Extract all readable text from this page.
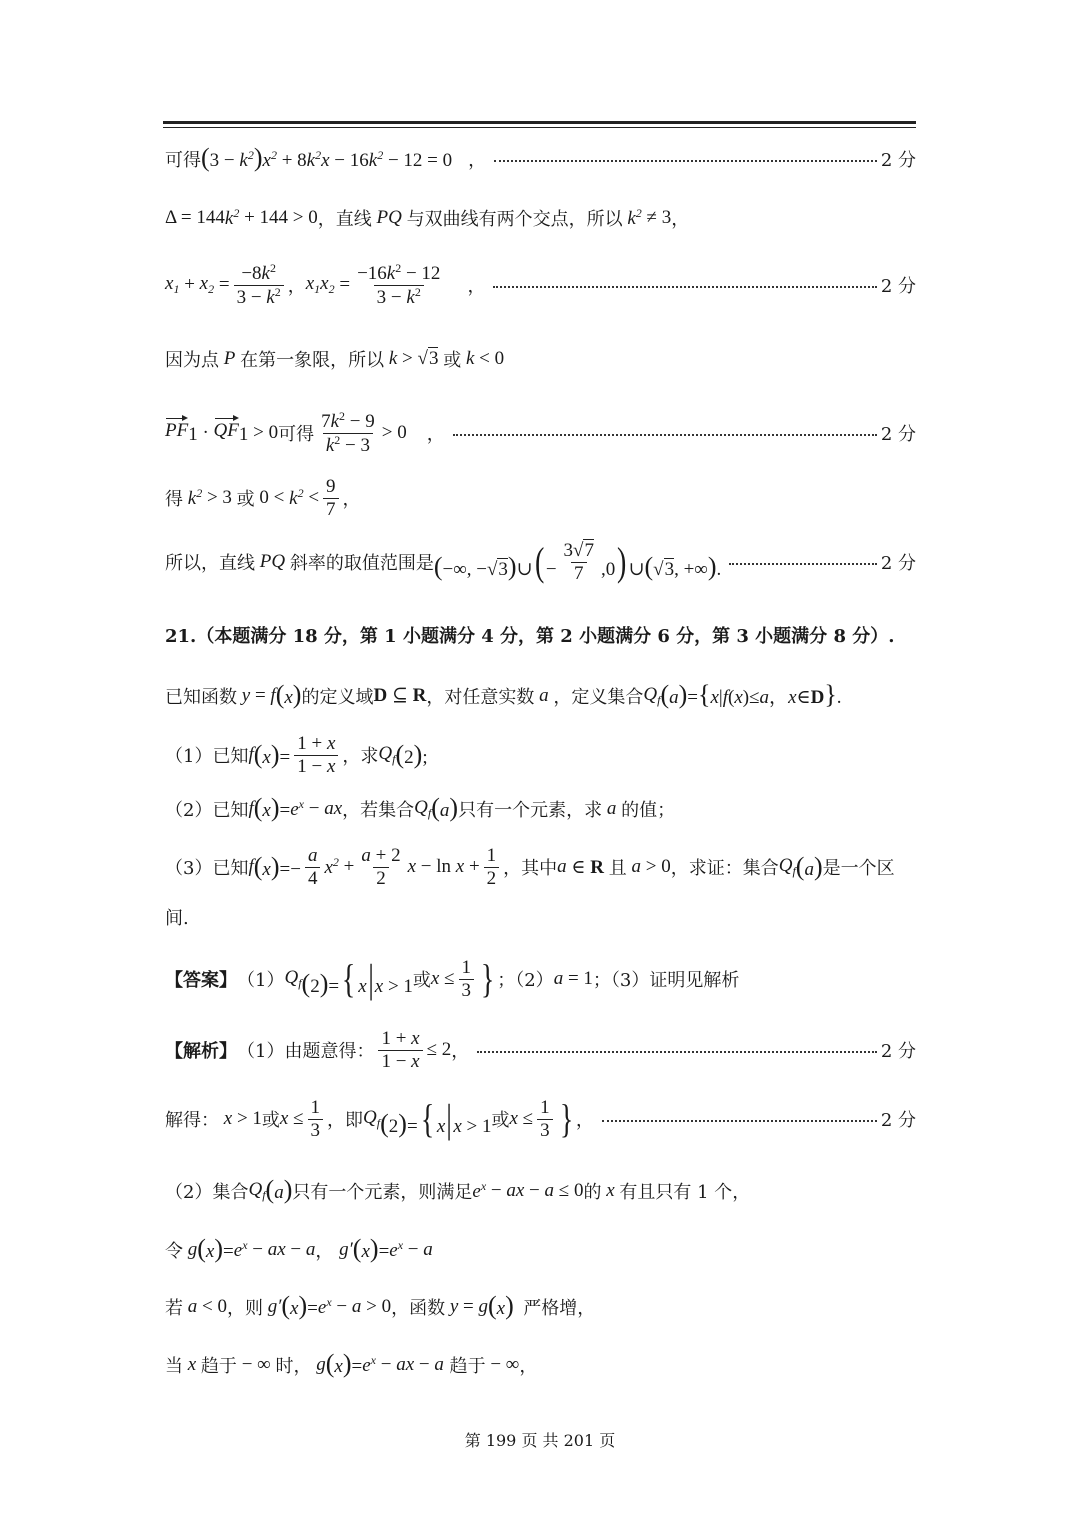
可得 $(3 - k^2)x^2 + 8k^2x - 16k^2 - 12 = 0$ ，	2 分
Δ = 144 $k^2 + 144 > 0$ ，直线 PQ 与双曲线有两个交点，所以 $k^2 \ne 3$ ，
$x_1 + x_2 = \frac{-8k^2}{3 - k^2}$ ， $x_1x_2 = \frac{-16k^2 - 12}{3 - k^2}$ ，	2 分
因为点 P 在第一象限，所以 k > √3 或 k < 0
$PF_1 \cdot QF_1 > 0$ 可得 $\frac{7k^2 - 9}{k^2 - 3} > 0$ ，	2 分
得 $k^2 > 3$ 或 $0 < k^2 < \frac{9}{7}$ ，
所以，直线 PQ 斜率的取值范围是 (−∞, −√3)∪( − $\frac{3√7}{7} ,0$) ∪(√3, +∞).	2 分
21.（本题满分 18 分，第 1 小题满分 4 分，第 2 小题满分 6 分，第 3 小题满分 8 分）.
已知函数 y = f (x) 的定义域 D ⊆ R ，对任意实数 a ，定义集合 $Q_f$ (a)={x|f(x)≤a，x∈D}.
（1）已知 f $(x)= \frac{1 + x}{1 - x}$ ，求 $Q_f$ (2);
（2）已知 f $(x)= e^x$ − ax ，若集合 $Q_f$ (a) 只有一个元素，求 a 的值；
（3）已知 f $(x)=- \frac{a}{4} x^2 + \frac{a + 2}{2}$ $x - \ln x + \frac{1}{2}$ ，其中 a ∈ R 且 a > 0 ，求证：集合 $Q_f$ (a) 是一个区
间.
【答案】 （1） $Q_f$ (2)={ x|x > 1 或 $x \le \frac{1}{3}$ } ；（2） a = 1 ；（3）证明见解析
【解析】 （1）由题意得： $\frac{1 + x}{1 - x} \le 2$ ，	2 分
解得： x > 1 或 $x \le \frac{1}{3}$ ，即 $Q_f$ (2)={ x|x > 1 或 $x \le \frac{1}{3}$ } ，	2 分
（2）集合 $Q_f$ (a) 只有一个元素，则满足 $e^x$ − ax − a ≤ 0 的 x 有且只有 1 个，
令 g $(x)= e^x$ − ax − a ， g′ $(x)= e^x - a$
若 a < 0 ，则 g′ $(x)= e^x - a > 0$ ，函数 y = g (x) 严格增，
当 x 趋于 − ∞ 时， g $(x)= e^x$ − ax − a
趋于 − ∞ ，
第 199 页 共 201 页
